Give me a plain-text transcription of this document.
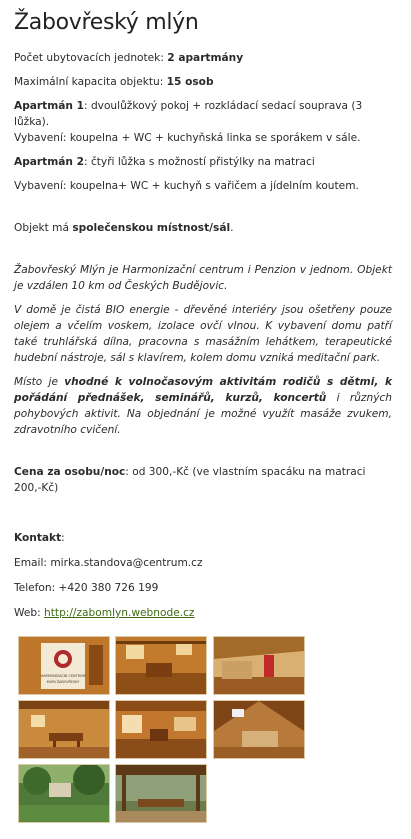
Žabovřeský mlýn

Počet ubytovacích jednotek: 2 apartmány

Maximální kapacita objektu: 15 osob

Apartmán 1: dvoulůžkový pokoj + rozkládací sedací souprava (3 lůžka).
Vybavení: koupelna + WC + kuchyňská linka se sporákem v sále.

Apartmán 2: čtyři lůžka s možností přistýlky na matraci

Vybavení: koupelna+ WC + kuchyň s vařičem a jídelním koutem.

Objekt má společenskou místnost/sál.

Žabovřeský Mlýn je Harmonizační centrum i Penzion v jednom. Objekt je vzdálen 10 km od Českých Budějovic.

V domě je čistá BIO energie - dřevěné interiéry jsou ošetřeny pouze olejem a včelím voskem, izolace ovčí vlnou. K vybavení domu patří také truhlářská dílna, pracovna s masážním lehátkem, terapeutické hudební nástroje, sál s klavírem, kolem domu vzniká meditační park.

Místo je vhodné k volnočasovým aktivitám rodičů s dětmi, k pořádání přednášek, seminářů, kurzů, koncertů i různých pohybových aktivit. Na objednání je možné využít masáže zvukem, zdravotního cvičení.

Cena za osobu/noc: od 300,-Kč (ve vlastním spacáku na matraci 200,-Kč)

Kontakt:

Email: mirka.standova@centrum.cz

Telefon: +420 380 726 199

Web: http://zabomlyn.webnode.cz

HARMONIZAČNÍ CENTRUM
MLÝN ŽABOVŘESKY
